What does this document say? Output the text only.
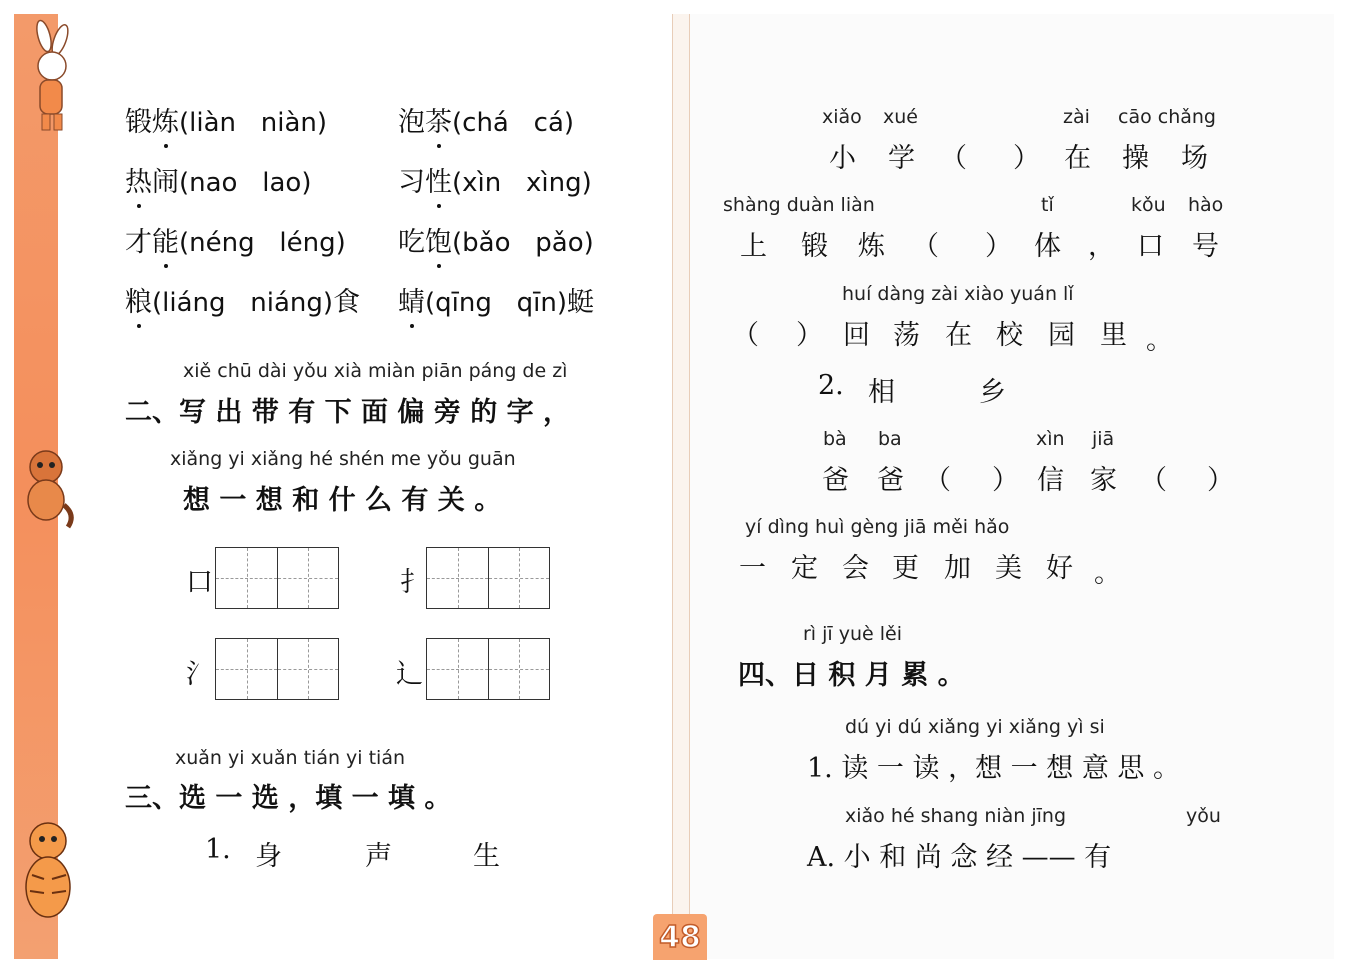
锻炼(liàn   niàn)	泡茶(chá   cá)
热闹(nao   lao)	习性(xìn   xìng)
才能(néng   léng) 吃饱(bǎo   pǎo)
粮(liáng   niáng)食 蜻(qīng   qīn)蜓
xiě chū dài yǒu xià miàn piān páng de zì
二、写 出 带 有 下 面 偏 旁 的 字 ，
xiǎng yi xiǎng hé shén me yǒu guān
想 一 想 和 什 么 有 关 。
口	扌
氵	辶
xuǎn yi xuǎn tián yi tián
三、选 一 选 ，填 一 填 。
1. 身	声	生
xiǎo xué	zài cāo chǎng
小 学 （ ） 在 操 场
shàng duàn liàn	tǐ	kǒu hào
上 锻 炼 （ ） 体 ， 口 号
huí dàng zài xiào yuán lǐ
（ ） 回 荡 在 校 园 里 。
2. 相	乡
bà ba	xìn jiā
爸 爸 （ ） 信 家 （ ）
yí dìng huì gèng jiā měi hǎo
一 定 会 更 加 美 好 。
rì jī yuè lěi
四、日 积 月 累 。
dú yi dú xiǎng yi xiǎng yì si
1. 读 一 读 ，想 一 想 意 思 。
xiǎo hé shang niàn jīng	yǒu
A. 小 和 尚 念 经 —— 有
48
